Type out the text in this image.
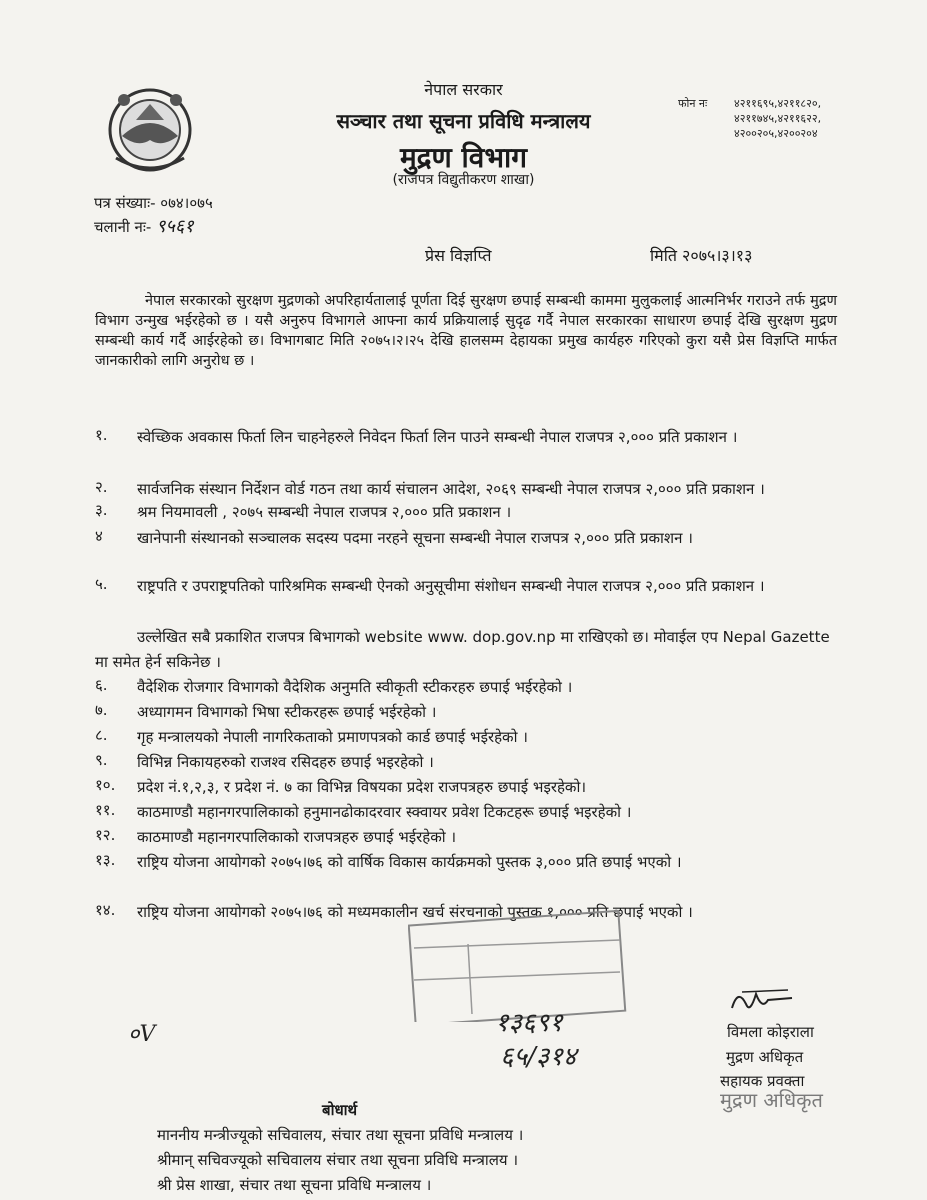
नेपाल सरकार
सञ्चार तथा सूचना प्रविधि मन्त्रालय
मुद्रण विभाग
(राजपत्र विद्युतीकरण शाखा)
फोन नः ४२११६९५,४२११८२०,
४२११७४५,४२११६२२,
४२००२०५,४२००२०४
पत्र संख्याः- ०७४।०७५
चलानी नः- ९५६१
प्रेस विज्ञप्ति	मिति २०७५।३।१३
नेपाल सरकारको सुरक्षण मुद्रणको अपरिहार्यतालाई पूर्णता दिई सुरक्षण छपाई सम्बन्धी काममा मुलुकलाई आत्मनिर्भर गराउने तर्फ मुद्रण विभाग उन्मुख भईरहेको छ । यसै अनुरुप विभागले आफ्ना कार्य प्रक्रियालाई सुदृढ गर्दै नेपाल सरकारका साधारण छपाई देखि सुरक्षण मुद्रण सम्बन्धी कार्य गर्दै आईरहेको छ। विभागबाट मिति २०७५।२।२५ देखि हालसम्म देहायका प्रमुख कार्यहरु गरिएको कुरा यसै प्रेस विज्ञप्ति मार्फत जानकारीको लागि अनुरोध छ ।
१.	स्वेच्छिक अवकास फिर्ता लिन चाहनेहरुले निवेदन फिर्ता लिन पाउने सम्बन्धी नेपाल राजपत्र २,००० प्रति प्रकाशन ।
२.	सार्वजनिक संस्थान निर्देशन वोर्ड गठन तथा कार्य संचालन आदेश, २०६९ सम्बन्धी नेपाल राजपत्र २,००० प्रति प्रकाशन ।
३.	श्रम नियमावली , २०७५ सम्बन्धी नेपाल राजपत्र २,००० प्रति प्रकाशन ।
४	खानेपानी संस्थानको सञ्चालक सदस्य पदमा नरहने सूचना सम्बन्धी नेपाल राजपत्र २,००० प्रति प्रकाशन ।
५.	राष्ट्रपति र उपराष्ट्रपतिको पारिश्रमिक सम्बन्धी ऐनको अनुसूचीमा संशोधन सम्बन्धी नेपाल राजपत्र २,००० प्रति प्रकाशन ।
उल्लेखित सबै प्रकाशित राजपत्र बिभागको website www. dop.gov.np मा राखिएको छ। मोवाईल एप Nepal Gazette मा समेत हेर्न सकिनेछ ।
६.	वैदेशिक रोजगार विभागको वैदेशिक अनुमति स्वीकृती स्टीकरहरु छपाई भईरहेको ।
७.	अध्यागमन विभागको भिषा स्टीकरहरू छपाई भईरहेको ।
८.	गृह मन्त्रालयको नेपाली नागरिकताको प्रमाणपत्रको कार्ड छपाई भईरहेको ।
९.	विभिन्न निकायहरुको राजश्व रसिदहरु छपाई भइरहेको ।
१०.	प्रदेश नं.१,२,३, र प्रदेश नं. ७ का विभिन्न विषयका प्रदेश राजपत्रहरु छपाई भइरहेको।
११.	काठमाण्डौ महानगरपालिकाको हनुमानढोकादरवार स्क्वायर प्रवेश टिकटहरू छपाई भइरहेको ।
१२.	काठमाण्डौ महानगरपालिकाको राजपत्रहरु छपाई भईरहेको ।
१३.	राष्ट्रिय योजना आयोगको २०७५।७६ को वार्षिक विकास कार्यक्रमको पुस्तक ३,००० प्रति छपाई भएको ।
१४.	राष्ट्रिय योजना आयोगको २०७५।७६ को मध्यमकालीन खर्च संरचनाको पुस्तक १,००० प्रति छपाई भएको ।
१३६९१
६५/३१४
०V	विमला कोइराला
मुद्रण अधिकृत
सहायक प्रवक्ता
मुद्रण अधिकृत
बोधार्थ
माननीय मन्त्रीज्यूको सचिवालय, संचार तथा सूचना प्रविधि मन्त्रालय ।
श्रीमान् सचिवज्यूको सचिवालय संचार तथा सूचना प्रविधि मन्त्रालय ।
श्री प्रेस शाखा, संचार तथा सूचना प्रविधि मन्त्रालय ।
